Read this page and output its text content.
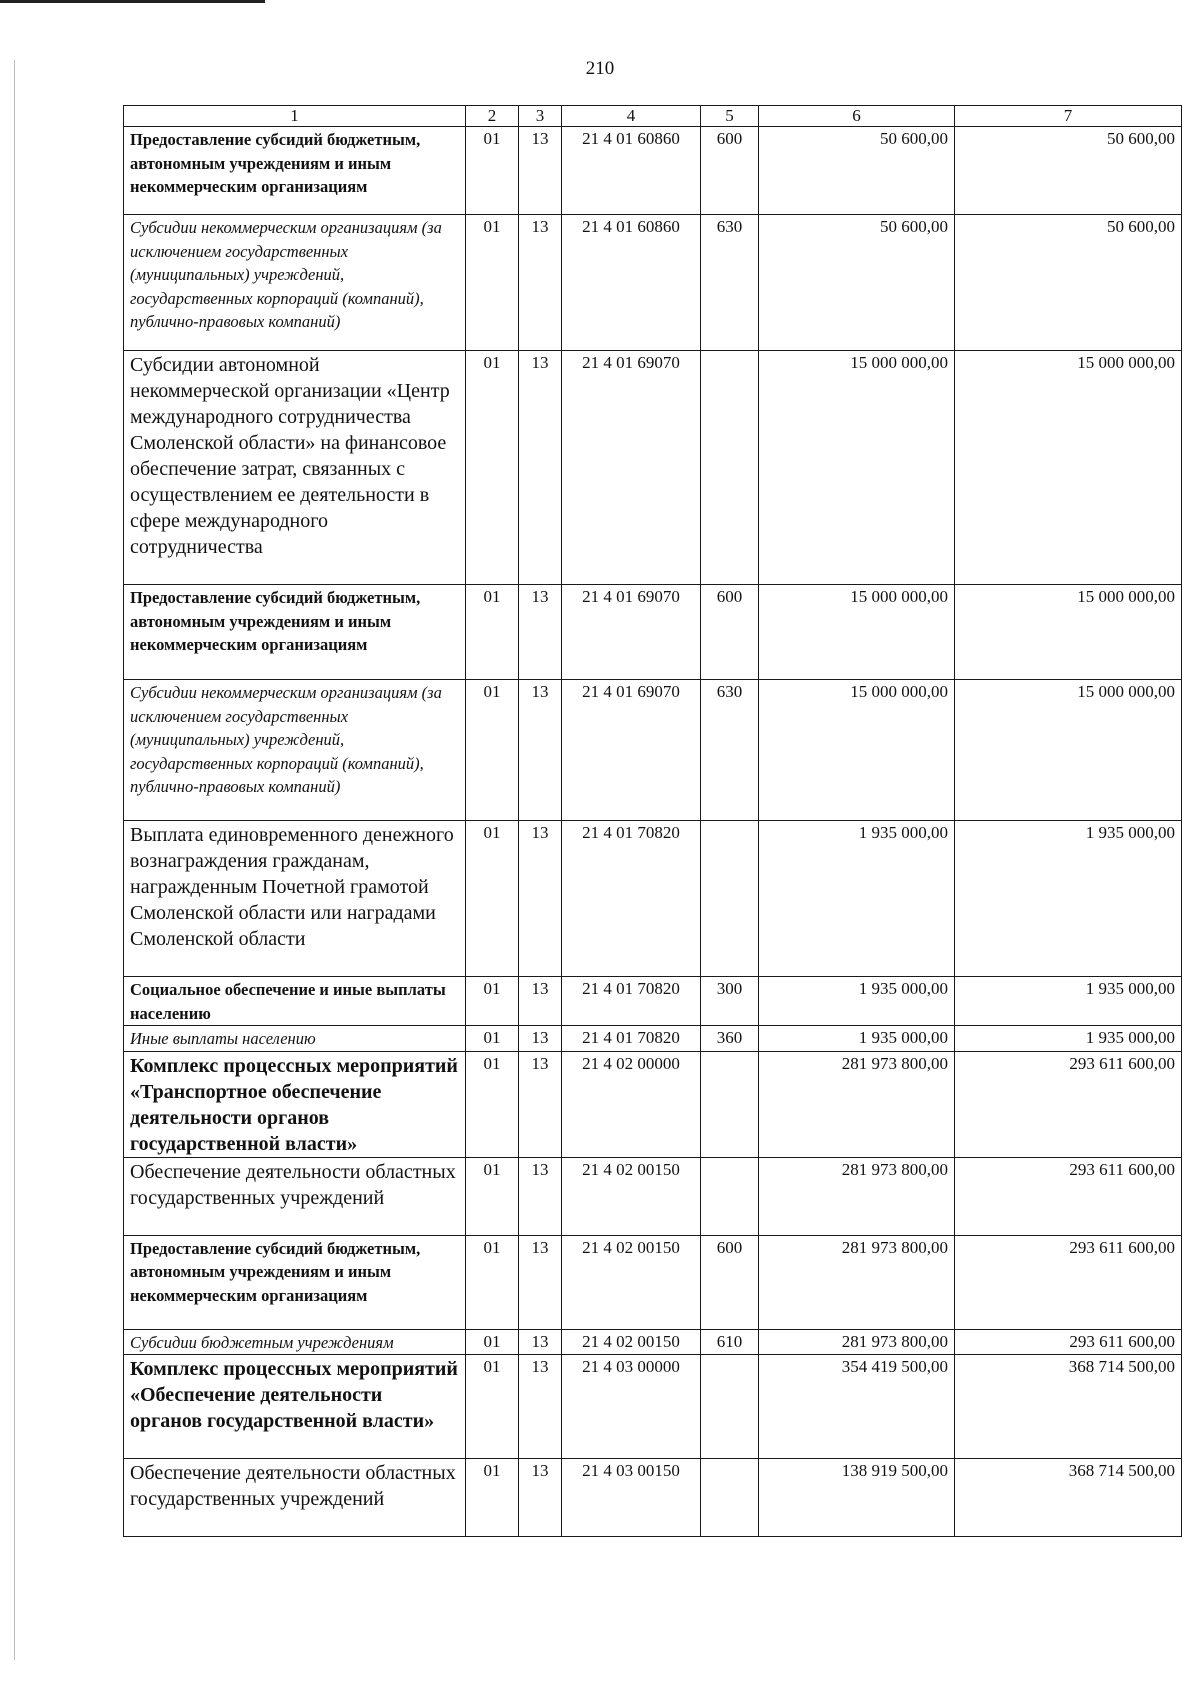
210
1	2	3	4	5	6	7
Предоставление субсидий бюджетным, автономным учреждениям и иным некоммерческим организациям	01	13	21 4 01 60860	600	50 600,00	50 600,00
Субсидии некоммерческим организациям (за исключением государственных (муниципальных) учреждений, государственных корпораций (компаний), публично-правовых компаний)	01	13	21 4 01 60860	630	50 600,00	50 600,00
Субсидии автономной некоммерческой организации «Центр международного сотрудничества Смоленской области» на финансовое обеспечение затрат, связанных с осуществлением ее деятельности в сфере международного сотрудничества	01	13	21 4 01 69070		15 000 000,00	15 000 000,00
Предоставление субсидий бюджетным, автономным учреждениям и иным некоммерческим организациям	01	13	21 4 01 69070	600	15 000 000,00	15 000 000,00
Субсидии некоммерческим организациям (за исключением государственных (муниципальных) учреждений, государственных корпораций (компаний), публично-правовых компаний)	01	13	21 4 01 69070	630	15 000 000,00	15 000 000,00
Выплата единовременного денежного вознаграждения гражданам, награжденным Почетной грамотой Смоленской области или наградами Смоленской области	01	13	21 4 01 70820		1 935 000,00	1 935 000,00
Социальное обеспечение и иные выплаты населению	01	13	21 4 01 70820	300	1 935 000,00	1 935 000,00
Иные выплаты населению	01	13	21 4 01 70820	360	1 935 000,00	1 935 000,00
Комплекс процессных мероприятий «Транспортное обеспечение деятельности органов государственной власти»	01	13	21 4 02 00000		281 973 800,00	293 611 600,00
Обеспечение деятельности областных государственных учреждений	01	13	21 4 02 00150		281 973 800,00	293 611 600,00
Предоставление субсидий бюджетным, автономным учреждениям и иным некоммерческим организациям	01	13	21 4 02 00150	600	281 973 800,00	293 611 600,00
Субсидии бюджетным учреждениям	01	13	21 4 02 00150	610	281 973 800,00	293 611 600,00
Комплекс процессных мероприятий «Обеспечение деятельности органов государственной власти»	01	13	21 4 03 00000		354 419 500,00	368 714 500,00
Обеспечение деятельности областных государственных учреждений	01	13	21 4 03 00150		138 919 500,00	368 714 500,00
